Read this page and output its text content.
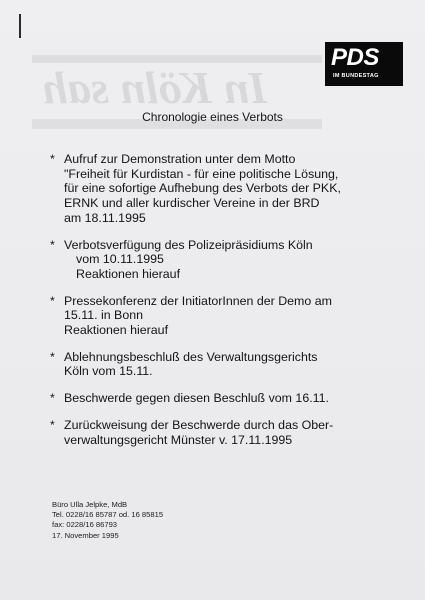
In Köln sah
PDS
IM BUNDESTAG
Chronologie eines Verbots
* Aufruf zur Demonstration unter dem Motto
"Freiheit für Kurdistan - für eine politische Lösung,
für eine sofortige Aufhebung des Verbots der PKK,
ERNK und aller kurdischer Vereine in der BRD
am 18.11.1995
* Verbotsverfügung des Polizeipräsidiums Köln
vom 10.11.1995
Reaktionen hierauf
* Pressekonferenz der InitiatorInnen der Demo am
15.11. in Bonn
Reaktionen hierauf
* Ablehnungsbeschluß des Verwaltungsgerichts
Köln vom 15.11.
* Beschwerde gegen diesen Beschluß vom 16.11.
* Zurückweisung der Beschwerde durch das Ober-
verwaltungsgericht Münster v. 17.11.1995
Büro Ulla Jelpke, MdB
Tel. 0228/16 85787 od. 16 85815
fax: 0228/16 86793
17. November 1995
